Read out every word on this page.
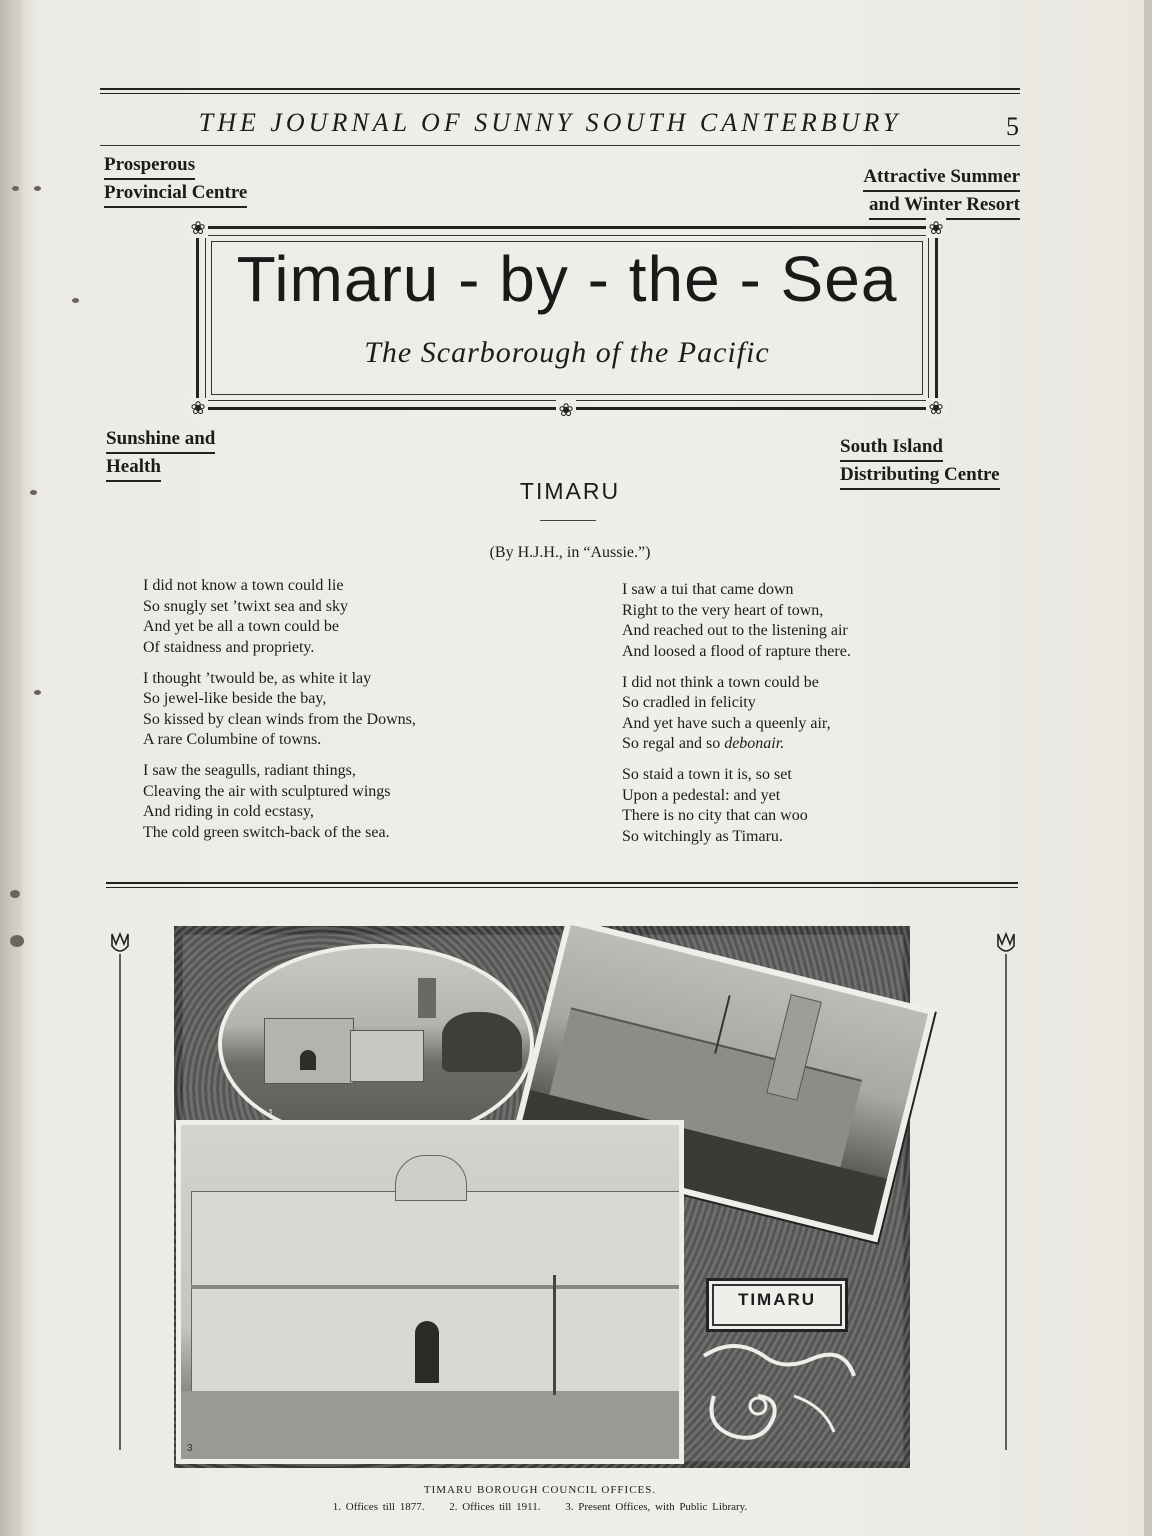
THE JOURNAL OF SUNNY SOUTH CANTERBURY	5
Prosperous
Provincial Centre
Attractive Summer
and Winter Resort
Sunshine and
Health
South Island
Distributing Centre
❀	❀
❀	❀
❀
Timaru - by - the - Sea
The Scarborough of the Pacific
TIMARU
(By H.J.H., in “Aussie.”)
I did not know a town could lie
So snugly set ’twixt sea and sky
And yet be all a town could be
Of staidness and propriety.
I thought ’twould be, as white it lay
So jewel-like beside the bay,
So kissed by clean winds from the Downs,
A rare Columbine of towns.
I saw the seagulls, radiant things,
Cleaving the air with sculptured wings
And riding in cold ecstasy,
The cold green switch-back of the sea.
I saw a tui that came down
Right to the very heart of town,
And reached out to the listening air
And loosed a flood of rapture there.
I did not think a town could be
So cradled in felicity
And yet have such a queenly air,
So regal and so debonair.
So staid a town it is, so set
Upon a pedestal: and yet
There is no city that can woo
So witchingly as Timaru.
1
3
TIMARU
TIMARU BOROUGH COUNCIL OFFICES.
1. Offices till 1877. 2. Offices till 1911. 3. Present Offices, with Public Library.
